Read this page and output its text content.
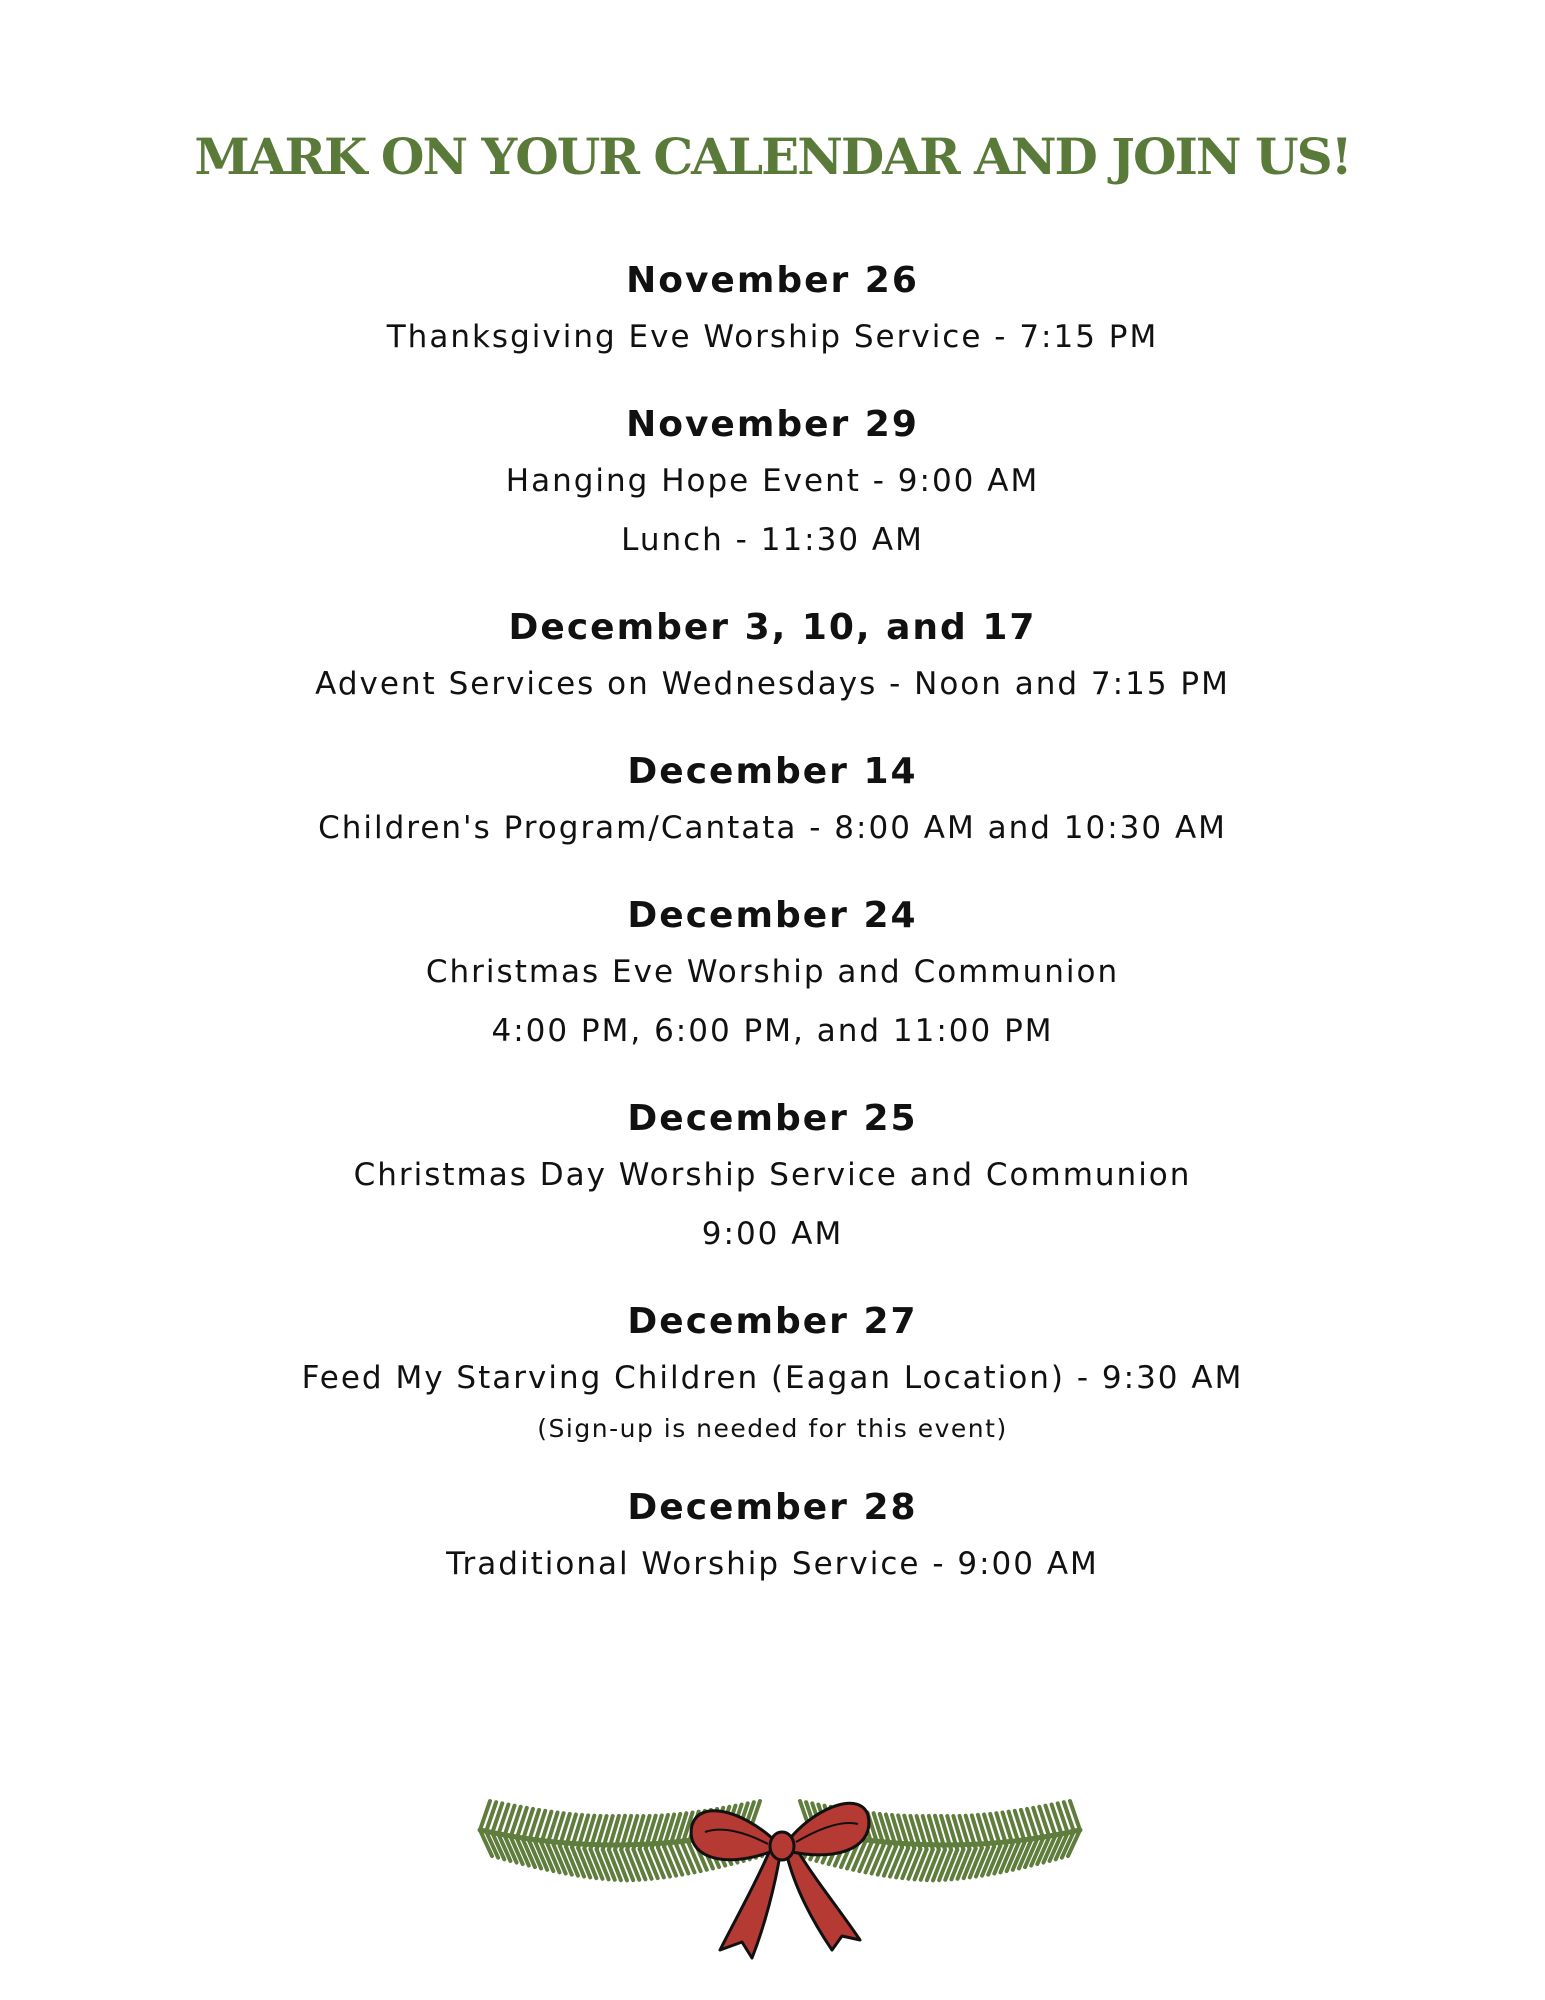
MARK ON YOUR CALENDAR AND JOIN US!
November 26
Thanksgiving Eve Worship Service - 7:15 PM
November 29
Hanging Hope Event - 9:00 AM
Lunch - 11:30 AM
December 3, 10, and 17
Advent Services on Wednesdays - Noon and 7:15 PM
December 14
Children's Program/Cantata - 8:00 AM and 10:30 AM
December 24
Christmas Eve Worship and Communion
4:00 PM, 6:00 PM, and 11:00 PM
December 25
Christmas Day Worship Service and Communion
9:00 AM
December 27
Feed My Starving Children (Eagan Location) - 9:30 AM
(Sign-up is needed for this event)
December 28
Traditional Worship Service - 9:00 AM
